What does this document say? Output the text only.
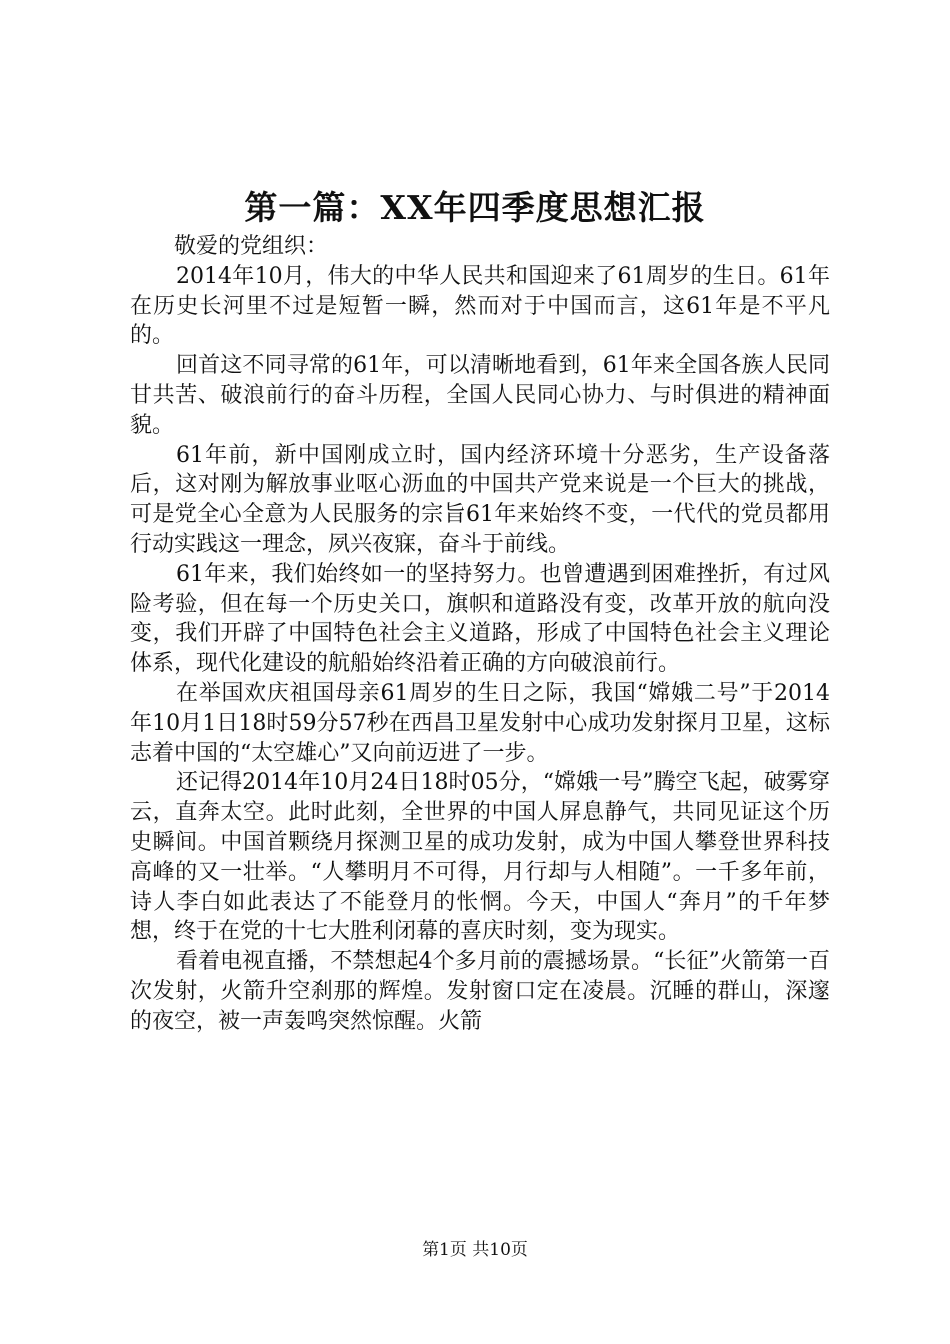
第一篇：XX年四季度思想汇报

敬爱的党组织：

2014年10月，伟大的中华人民共和国迎来了61周岁的生日。61年在历史长河里不过是短暂一瞬，然而对于中国而言，这61年是不平凡的。

回首这不同寻常的61年，可以清晰地看到，61年来全国各族人民同甘共苦、破浪前行的奋斗历程，全国人民同心协力、与时俱进的精神面貌。

61年前，新中国刚成立时，国内经济环境十分恶劣，生产设备落后，这对刚为解放事业呕心沥血的中国共产党来说是一个巨大的挑战，可是党全心全意为人民服务的宗旨61年来始终不变，一代代的党员都用行动实践这一理念，夙兴夜寐，奋斗于前线。

61年来，我们始终如一的坚持努力。也曾遭遇到困难挫折，有过风险考验，但在每一个历史关口，旗帜和道路没有变，改革开放的航向没变，我们开辟了中国特色社会主义道路，形成了中国特色社会主义理论体系，现代化建设的航船始终沿着正确的方向破浪前行。

在举国欢庆祖国母亲61周岁的生日之际，我国“嫦娥二号”于2014年10月1日18时59分57秒在西昌卫星发射中心成功发射探月卫星，这标志着中国的“太空雄心”又向前迈进了一步。

还记得2014年10月24日18时05分，“嫦娥一号”腾空飞起，破雾穿云，直奔太空。此时此刻，全世界的中国人屏息静气，共同见证这个历史瞬间。中国首颗绕月探测卫星的成功发射，成为中国人攀登世界科技高峰的又一壮举。“人攀明月不可得，月行却与人相随”。一千多年前，诗人李白如此表达了不能登月的怅惘。今天，中国人“奔月”的千年梦想，终于在党的十七大胜利闭幕的喜庆时刻，变为现实。

看着电视直播，不禁想起4个多月前的震撼场景。“长征”火箭第一百次发射，火箭升空刹那的辉煌。发射窗口定在凌晨。沉睡的群山，深邃的夜空，被一声轰鸣突然惊醒。火箭

第1页 共10页
